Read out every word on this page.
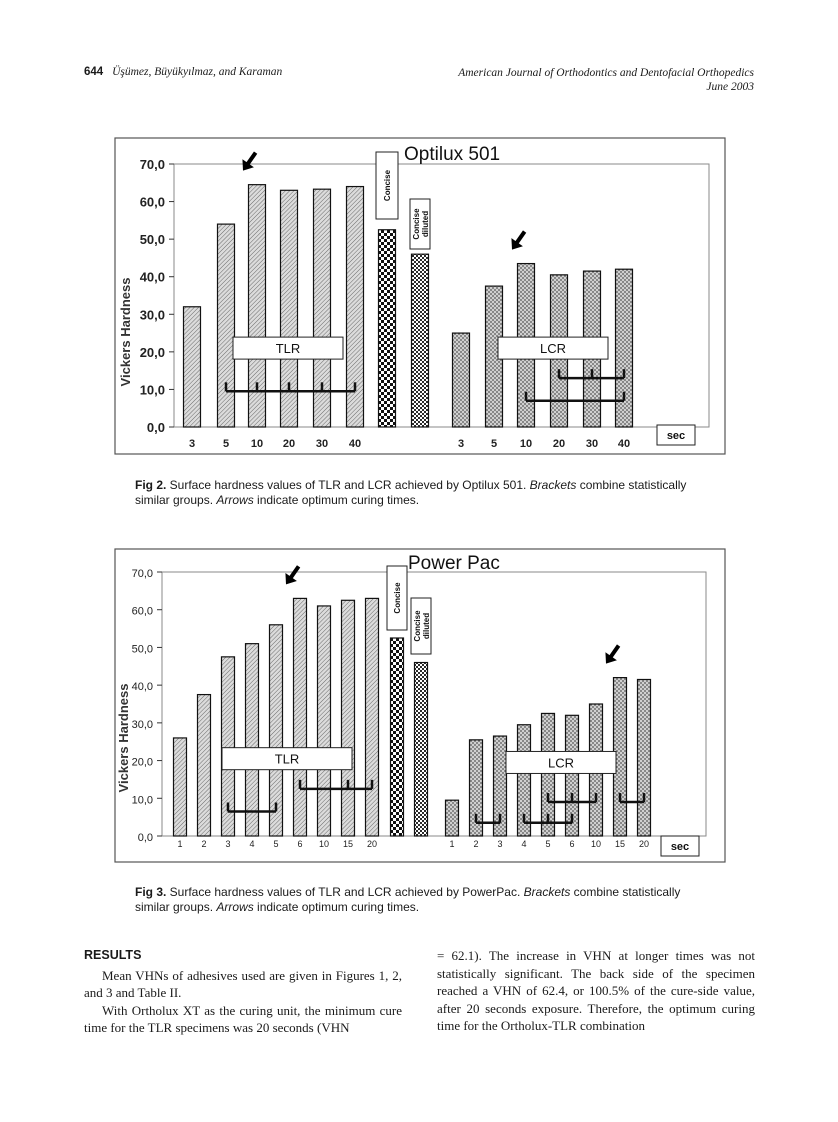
644 Üşümez, Büyükyılmaz, and Karaman	American Journal of Orthodontics and Dentofacial Orthopedics
June 2003
0,0
10,0
20,0
30,0
40,0
50,0
60,0
70,0
Vickers Hardness
3	5 10 20 30 40	3 5 10 20 30 40
TLR	LCR
Concise
Concisediluted
Optilux 501
sec
Fig 2. Surface hardness values of TLR and LCR achieved by Optilux 501. Brackets combine statistically similar groups. Arrows indicate optimum curing times.
0,0
10,0
20,0
30,0
40,0
50,0
60,0
70,0
Vickers Hardness
1 2 3 4 5 6 10 15 20	1 2 3 4 5 6 10 15 20
TLR	LCR
Concise
Concisediluted
Power Pac
sec
Fig 3. Surface hardness values of TLR and LCR achieved by PowerPac. Brackets combine statistically similar groups. Arrows indicate optimum curing times.
RESULTS

Mean VHNs of adhesives used are given in Figures 1, 2, and 3 and Table II.

With Ortholux XT as the curing unit, the minimum cure time for the TLR specimens was 20 seconds (VHN

= 62.1). The increase in VHN at longer times was not statistically significant. The back side of the specimen reached a VHN of 62.4, or 100.5% of the cure-side value, after 20 seconds exposure. Therefore, the optimum curing time for the Ortholux-TLR combination
